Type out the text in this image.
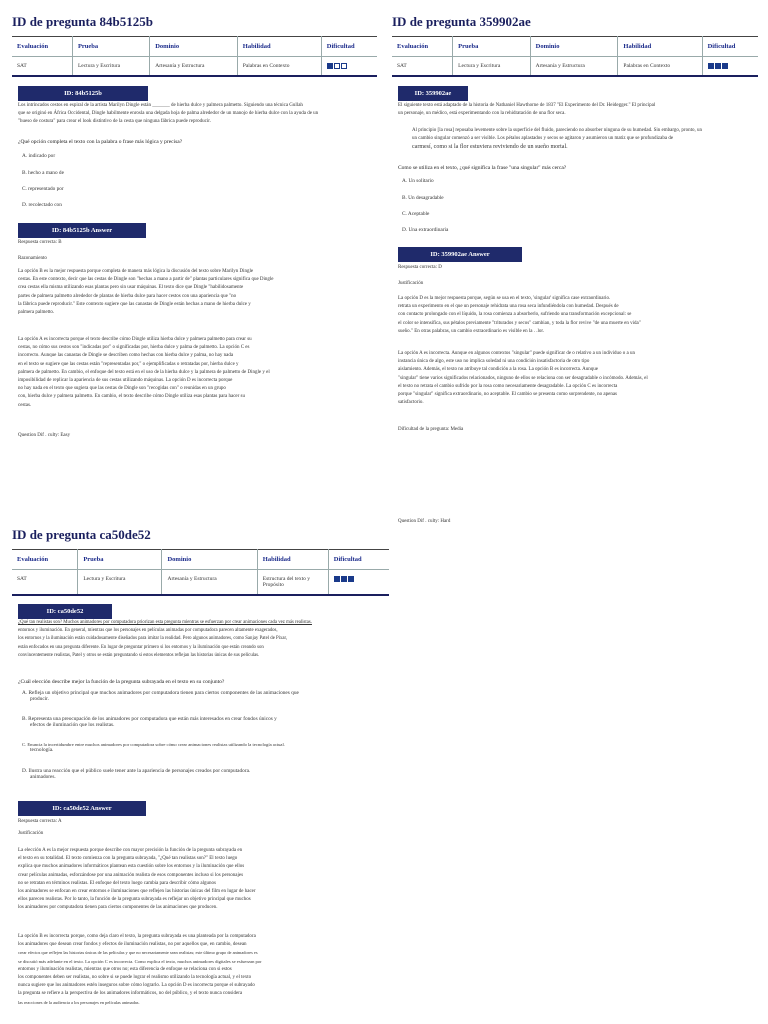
ID de pregunta 84b5125b
Evaluación	Prueba	Dominio	Habilidad	Dificultad
SAT	Lectura y Escritura	Artesanía y Estructura	Palabras en Contexto	
ID: 84b5125b
Los intrincados cestos en espiral de la artista Marilyn Dingle están _______ de hierba dulce y palmera palmetto. Siguiendo una técnica Gullah
que se originó en África Occidental, Dingle habilmente enrosla una delgada hoja de palma alrededor de un manojo de hierba dulce con la ayuda de un
"hueso de costura" para crear el look distintivo de la cesta que ninguna fábrica puede reproducir.
¿Qué opción completa el texto con la palabra o frase más lógica y precisa?
A. indicado por
B. hecho a mano de
C. representado por
D. recolectado con
ID: 84b5125b Answer
Respuesta correcta: B
Razonamiento
La opción B es la mejor respuesta porque completa de manera más lógica la discusión del texto sobre Marilyn Dingle
cestas. En este contexto, decir que las cestas de Dingle son "hechas a mano a partir de" plantas particulares significa que Dingle
crea cestas ella misma utilizando esas plantas pero sin usar máquinas. El texto dice que Dingle "habilidosamente
partes de palmera palmetto alrededor de plantas de hierba dulce para hacer cestos con una apariencia que "no
la fábrica puede reproducir." Este contexto sugiere que las canastas de Dingle están hechas a mano de hierba dulce y
palmera palmetto.
La opción A es incorrecta porque el texto describe cómo Dingle utiliza hierba dulce y palmera palmetto para crear su
cestas, no cómo sus cestos son "indicadas por" o significadas por, hierba dulce y palma de palmetto. La opción C es
incorrecto. Aunque las canastas de Dingle se describen como hechas con hierba dulce y palma, no hay nada
en el texto se sugiere que las cestas están "representadas por," o ejemplificadas o retratadas por, hierba dulce y
palmera de palmetto. En cambio, el enfoque del texto está en el uso de la hierba dulce y la palmera de palmetto de Dingle y el
imposibilidad de replicar la apariencia de sus cestas utilizando máquinas. La opción D es incorrecta porque
no hay nada en el texto que sugiera que las cestas de Dingle son "recogidas con" o reunidas en un grupo
con, hierba dulce y palmera palmetto. En cambio, el texto describe cómo Dingle utiliza esas plantas para hacer su
cestas.
Question Dif . culty: Easy
ID de pregunta 359902ae
Evaluación	Prueba	Dominio	Habilidad	Dificultad
SAT	Lectura y Escritura	Artesanía y Estructura	Palabras en Contexto	
ID: 359902ae
El siguiente texto está adaptado de la historia de Nathaniel Hawthorne de 1837 "El Experimento del Dr. Heidegger." El principal
un personaje, un médico, está experimentando con la rehidratación de una flor seca.
Al principio [la rosa] reposaba levemente sobre la superficie del fluido, pareciendo no absorber ninguna de su humedad. Sin embargo, pronto, un
un cambio singular comenzó a ser visible. Los pétalos aplastados y secos se agitaron y asumieron un matiz que se profundizaba de
carmesí, como si la flor estuviera reviviendo de un sueño mortal.
Como se utiliza en el texto, ¿qué significa la frase "una singular" más cerca?
A. Un solitario
B. Un desagradable
C. Aceptable
D. Una extraordinaria
ID: 359902ae Answer
Respuesta correcta: D
Justificación
La opción D es la mejor respuesta porque, según se usa en el texto, 'singular' significa case extraordinario.
retrata un experimento en el que un personaje rehidrata una rosa seca infundiéndola con humedad. Después de
con contacto prolongado con el líquido, la rosa comienza a absorberlo, sufriendo una transformación excepcional: se
el color se intensifica, sus pétalos previamente "triturados y secos" cambian, y toda la flor revive "de una muerte en vida"
sueño." En otras palabras, un cambio extraordinario es visible en la . .lor.
La opción A es incorrecta. Aunque en algunos contextos "singular" puede significar de o relativo a un individuo o a un
instancia única de algo, este uso no implica soledad ni una condición insatisfactoria de otro tipo
aislamiento. Además, el texto no atribuye tal condición a la rosa. La opción B es incorrecta. Aunque
"singular" tiene varios significados relacionados, ninguno de ellos se relaciona con ser desagradable o incómodo. Además, el
el texto no retrata el cambio sufrido por la rosa como necesariamente desagradable. La opción C es incorrecta
porque "singular" significa extraordinario, no aceptable. El cambio se presenta como sorprendente, no apenas
satisfactorio.
Dificultad de la pregunta: Media
Question Dif . culty: Hard
ID de pregunta ca50de52
Evaluación	Prueba	Dominio	Habilidad	Dificultad
SAT	Lectura y Escritura	Artesanía y Estructura	Estructura del texto y Propósito	
ID: ca50de52
¿Qué tan realistas son? Muchos animadores por computadora priorizan esta pregunta mientras se esfuerzan por crear animaciones cada vez más realistas.
entornos y iluminación. En general, mientras que los personajes en películas animadas por computadora parecen altamente exagerados,
los entornos y la iluminación están cuidadosamente diseñados para imitar la realidad. Pero algunos animadores, como Sanjay Patel de Pixar,
están enfocados en una pregunta diferente. En lugar de preguntar primero si los entornos y la iluminación que están creando son
convincentemente realistas, Patel y otros se están preguntando si estos elementos reflejan las historias únicas de sus películas.
¿Cuál elección describe mejor la función de la pregunta subrayada en el texto en su conjunto?
A. Refleja un objetivo principal que muchos animadores por computadora tienen para ciertos componentes de las animaciones que
producir.
B. Representa una preocupación de los animadores por computadora que están más interesados en crear fondos únicos y
efectos de iluminación que los realistas.
C. Enuncia la incertidumbre entre muchos animadores por computadora sobre cómo crear animaciones realistas utilizando la tecnología actual.
tecnología.
D. Ilustra una reacción que el público suele tener ante la apariencia de personajes creados por computadora.
animadores.
ID: ca50de52 Answer
Respuesta correcta: A
Justificación
La elección A es la mejor respuesta porque describe con mayor precisión la función de la pregunta subrayada en
el texto en su totalidad. El texto comienza con la pregunta subrayada, "¿Qué tan realistas son?" El texto luego
explica que muchos animadores informáticos plantean esta cuestión sobre los entornos y la iluminación que ellos
crear películas animadas, esforzándose por una animación realista de esos componentes incluso si los personajes
no se retratan en términos realistas. El enfoque del texto luego cambia para describir cómo algunos
los animadores se enfocan en crear entornos e iluminaciones que reflejen las historias únicas del film en lugar de hacer
ellos parecen realistas. Por lo tanto, la función de la pregunta subrayada es reflejar un objetivo principal que muchos
los animadores por computadora tienen para ciertos componentes de las animaciones que producen.
La opción B es incorrecta porque, como deja claro el texto, la pregunta subrayada es una planteada por la computadora
los animadores que desean crear fondos y efectos de iluminación realistas, no por aquellos que, en cambio, desean
crear efectos que reflejen las historias únicas de las películas y que no necesariamente sean realistas; este último grupo de animadores es
se discutió más adelante en el texto. La opción C es incorrecta. Como explica el texto, muchos animadores digitales se esfuerzan por
entornos y iluminación realistas, mientras que otros no; esta diferencia de enfoque se relaciona con si estos
los componentes deben ser realistas, no sobre si se puede lograr el realismo utilizando la tecnología actual, y el texto
nunca sugiere que los animadores estén inseguros sobre cómo lograrlo. La opción D es incorrecta porque el subrayado
la pregunta se refiere a la perspectiva de los animadores informáticos, no del público, y el texto nunca considera
las reacciones de la audiencia a los personajes en películas animadas.
